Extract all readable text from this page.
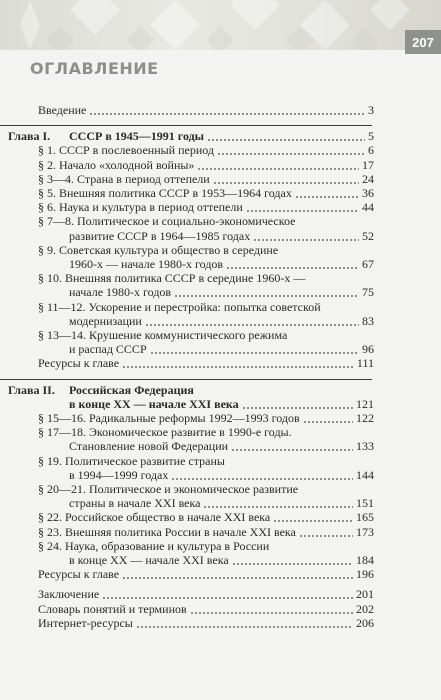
207
ОГЛАВЛЕНИЕ
Введение	3
Глава I. СССР в 1945—1991 годы	5
§ 1. СССР в послевоенный период	6
§ 2. Начало «холодной войны»	17
§ 3—4. Страна в период оттепели	24
§ 5. Внешняя политика СССР в 1953—1964 годах	36
§ 6. Наука и культура в период оттепели	44
§ 7—8. Политическое и социально-экономическое
развитие СССР в 1964—1985 годах	52
§ 9. Советская культура и общество в середине
1960-х — начале 1980-х годов	67
§ 10. Внешняя политика СССР в середине 1960-х —
начале 1980-х годов	75
§ 11—12. Ускорение и перестройка: попытка советской
модернизации	83
§ 13—14. Крушение коммунистического режима
и распад СССР	96
Ресурсы к главе	111
Глава II. Российская Федерация
в конце XX — начале XXI века	121
§ 15—16. Радикальные реформы 1992—1993 годов	122
§ 17—18. Экономическое развитие в 1990-е годы.
Становление новой Федерации	133
§ 19. Политическое развитие страны
в 1994—1999 годах	144
§ 20—21. Политическое и экономическое развитие
страны в начале XXI века	151
§ 22. Российское общество в начале XXI века	165
§ 23. Внешняя политика России в начале XXI века	173
§ 24. Наука, образование и культура в России
в конце XX — начале XXI века	184
Ресурсы к главе	196
Заключение	201
Словарь понятий и терминов	202
Интернет-ресурсы	206
